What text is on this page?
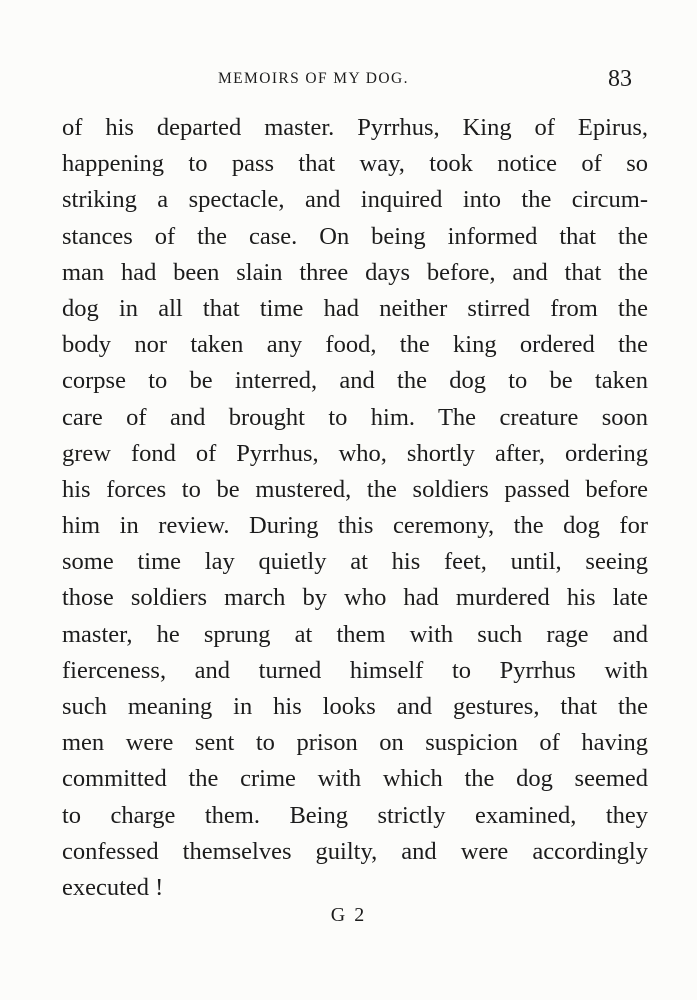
MEMOIRS OF MY DOG.	83
of his departed master. Pyrrhus, King of Epirus,
happening to pass that way, took notice of so
striking a spectacle, and inquired into the circum-
stances of the case. On being informed that the
man had been slain three days before, and that the
dog in all that time had neither stirred from the
body nor taken any food, the king ordered the
corpse to be interred, and the dog to be taken
care of and brought to him. The creature soon
grew fond of Pyrrhus, who, shortly after, ordering
his forces to be mustered, the soldiers passed before
him in review. During this ceremony, the dog for
some time lay quietly at his feet, until, seeing
those soldiers march by who had murdered his late
master, he sprung at them with such rage and
fierceness, and turned himself to Pyrrhus with
such meaning in his looks and gestures, that the
men were sent to prison on suspicion of having
committed the crime with which the dog seemed
to charge them. Being strictly examined, they
confessed themselves guilty, and were accordingly
executed !
G 2
